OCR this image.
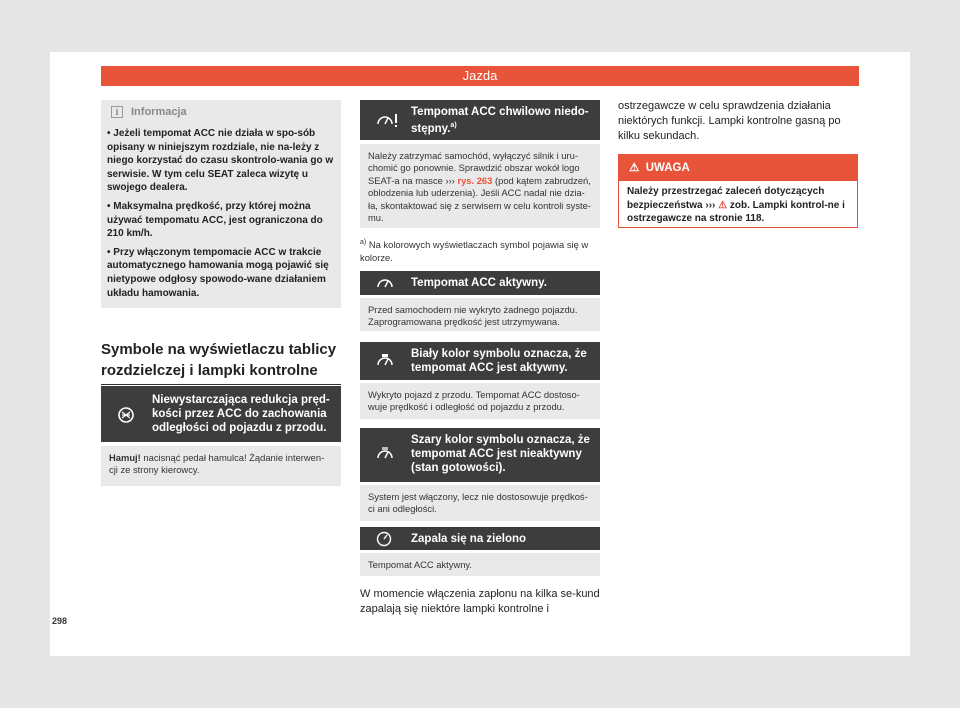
Jazda
i	Informacja

• Jeżeli tempomat ACC nie działa w spo-sób opisany w niniejszym rozdziale, nie na-leży z niego korzystać do czasu skontrolo-wania go w serwisie. W tym celu SEAT zaleca wizytę u swojego dealera.

• Maksymalna prędkość, przy której można używać tempomatu ACC, jest ograniczona do 210 km/h.

• Przy włączonym tempomacie ACC w trakcie automatycznego hamowania mogą pojawić się nietypowe odgłosy spowodo-wane działaniem układu hamowania.

Symbole na wyświetlaczu tablicy rozdzielczej i lampki kontrolne
Niewystarczająca redukcja pręd-kości przez ACC do zachowania odległości od pojazdu z przodu.
Hamuj! nacisnąć pedał hamulca! Żądanie interwen-cji ze strony kierowcy.
Tempomat ACC chwilowo niedo-stępny.$^{a)}$
Należy zatrzymać samochód, wyłączyć silnik i uru-chomić go ponownie. Sprawdzić obszar wokół logo SEAT-a na masce ››› rys. 263 (pod kątem zabrudzeń, oblodzenia lub uderzenia). Jeśli ACC nadal nie dzia-ła, skontaktować się z serwisem w celu kontroli syste-mu.
$^{a)}$ Na kolorowych wyświetlaczach symbol pojawia się w kolorze.
Tempomat ACC aktywny.
Przed samochodem nie wykryto żadnego pojazdu. Zaprogramowana prędkość jest utrzymywana.
Biały kolor symbolu oznacza, że tempomat ACC jest aktywny.
Wykryto pojazd z przodu. Tempomat ACC dostoso-wuje prędkość i odległość od pojazdu z przodu.
Szary kolor symbolu oznacza, że tempomat ACC jest nieaktywny (stan gotowości).
System jest włączony, lecz nie dostosowuje prędkoś-ci ani odległości.
Zapala się na zielono
Tempomat ACC aktywny.
W momencie włączenia zapłonu na kilka se-kund zapalają się niektóre lampki kontrolne i
ostrzegawcze w celu sprawdzenia działania niektórych funkcji. Lampki kontrolne gasną po kilku sekundach.
⚠ UWAGA
Należy przestrzegać zaleceń dotyczących bezpieczeństwa ››› ⚠ zob. Lampki kontrol-ne i ostrzegawcze na stronie 118.
298
